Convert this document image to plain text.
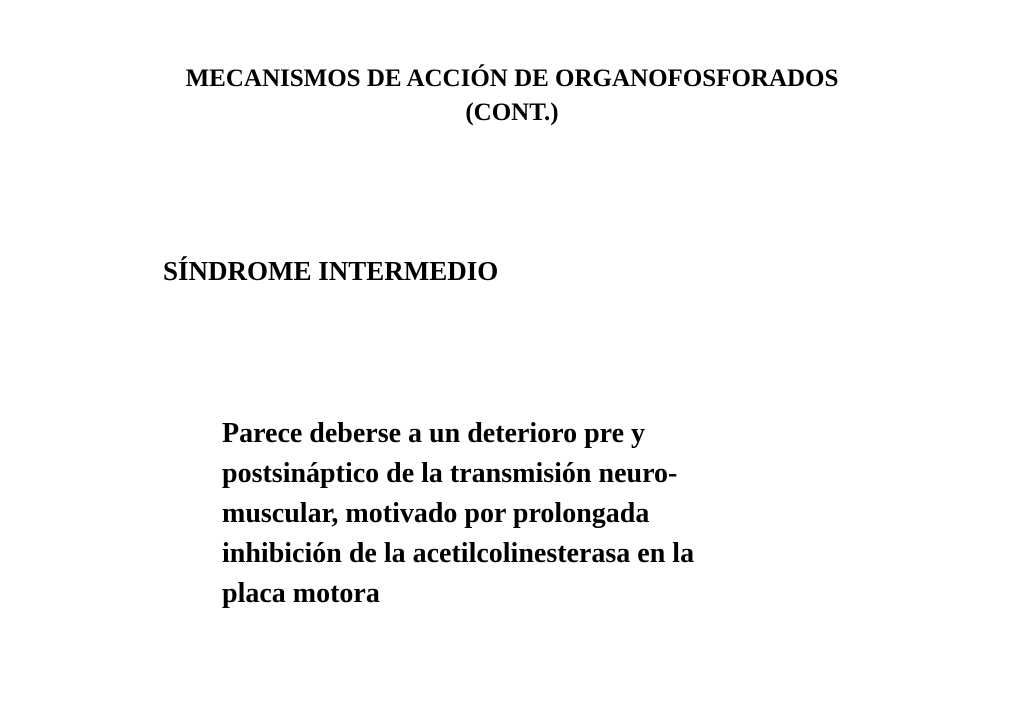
MECANISMOS DE ACCIÓN DE ORGANOFOSFORADOS
(CONT.)
SÍNDROME INTERMEDIO
Parece deberse a un deterioro pre y
postsináptico de la transmisión neuro-
muscular, motivado por prolongada
inhibición de la acetilcolinesterasa en la
placa motora
